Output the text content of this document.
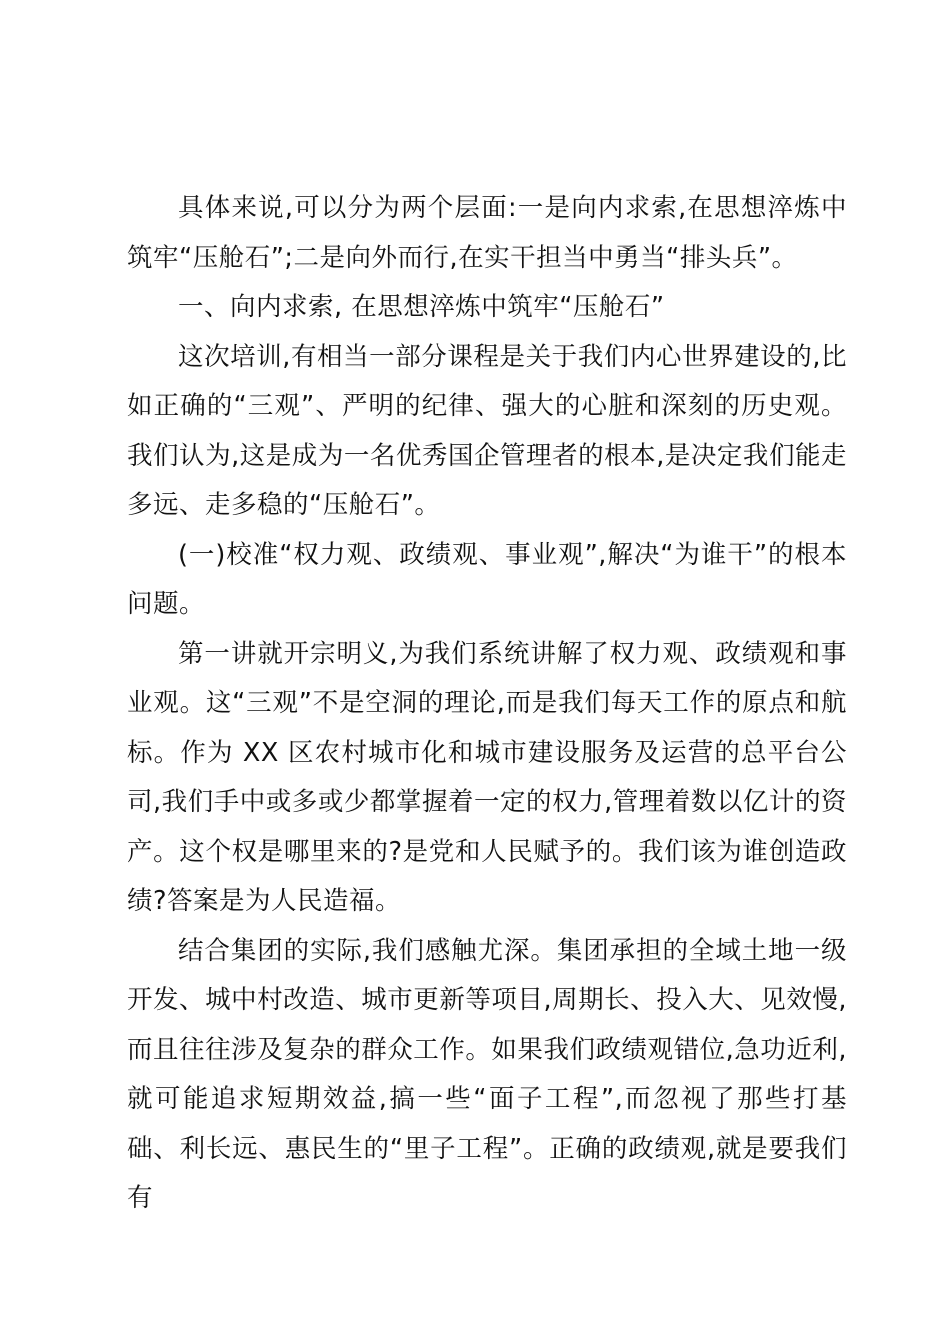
具体来说,可以分为两个层面:一是向内求索,在思想淬炼中筑牢“压舱石”;二是向外而行,在实干担当中勇当“排头兵”。

一、向内求索, 在思想淬炼中筑牢“压舱石”

这次培训,有相当一部分课程是关于我们内心世界建设的,比如正确的“三观”、严明的纪律、强大的心脏和深刻的历史观。我们认为,这是成为一名优秀国企管理者的根本,是决定我们能走多远、走多稳的“压舱石”。

(一)校准“权力观、政绩观、事业观”,解决“为谁干”的根本问题。

第一讲就开宗明义,为我们系统讲解了权力观、政绩观和事业观。这“三观”不是空洞的理论,而是我们每天工作的原点和航标。作为 XX 区农村城市化和城市建设服务及运营的总平台公司,我们手中或多或少都掌握着一定的权力,管理着数以亿计的资产。这个权是哪里来的?是党和人民赋予的。我们该为谁创造政绩?答案是为人民造福。

结合集团的实际,我们感触尤深。集团承担的全域土地一级开发、城中村改造、城市更新等项目,周期长、投入大、见效慢,而且往往涉及复杂的群众工作。如果我们政绩观错位,急功近利,就可能追求短期效益,搞一些“面子工程”,而忽视了那些打基础、利长远、惠民生的“里子工程”。正确的政绩观,就是要我们有
